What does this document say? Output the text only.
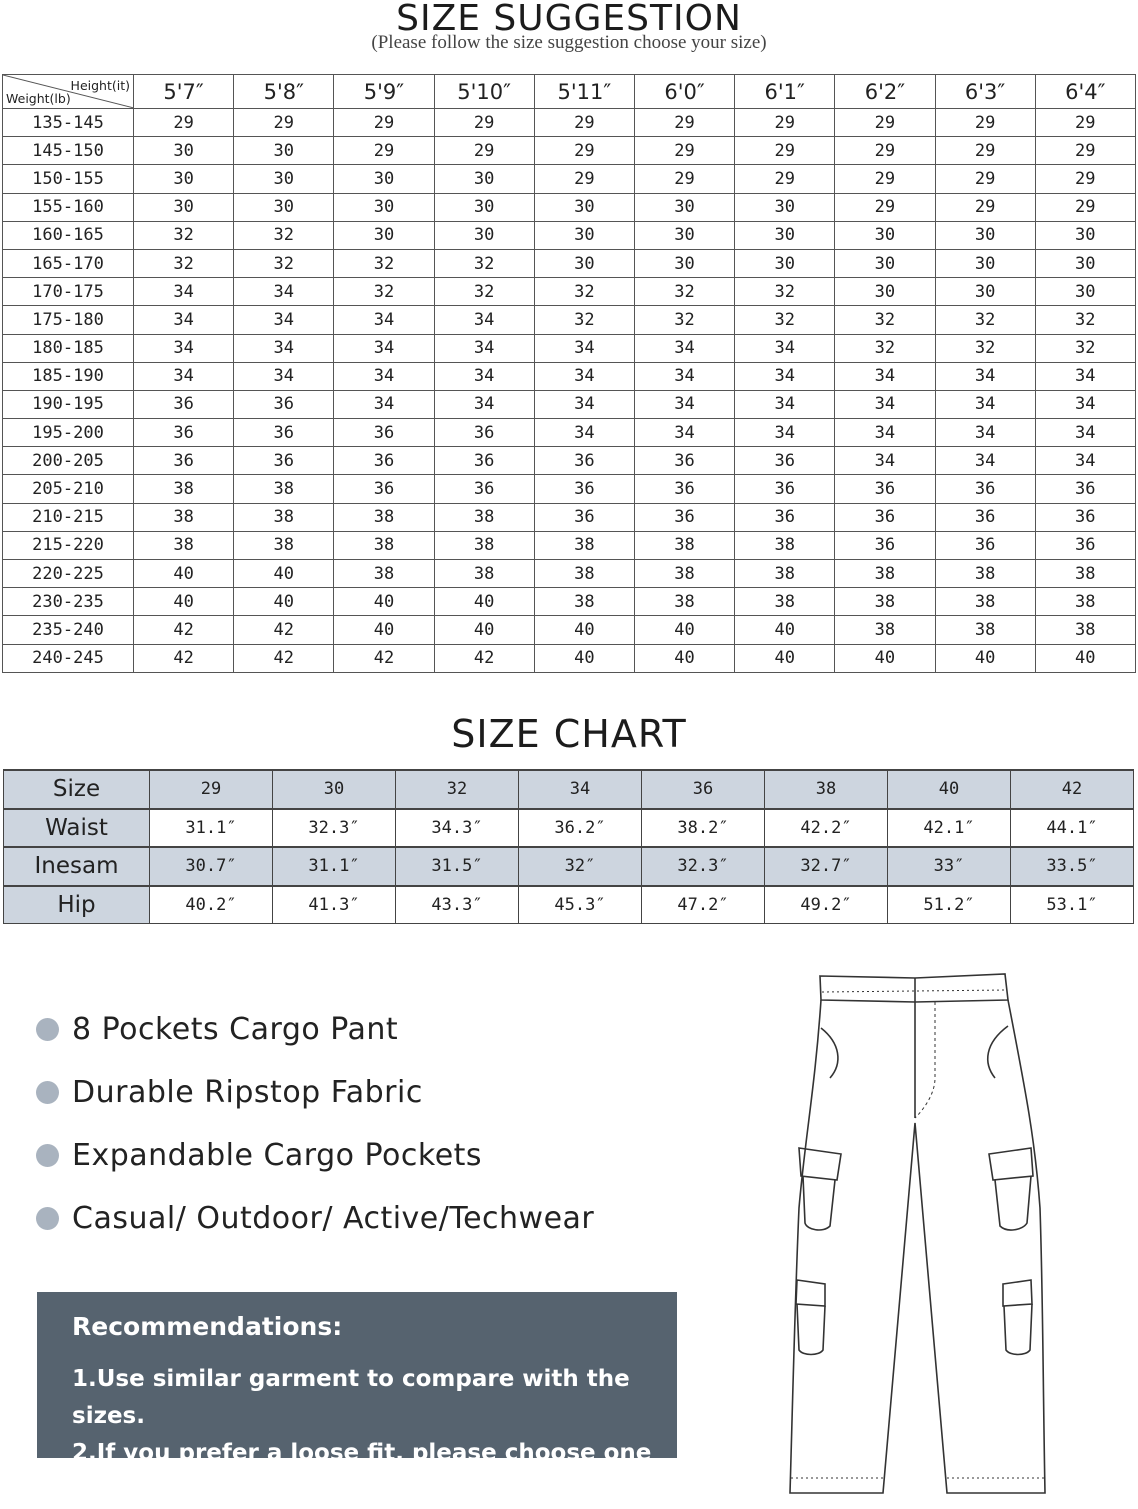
SIZE SUGGESTION
(Please follow the size suggestion choose your size)
Height(it)
Weight(lb)	5'7″	5'8″	5'9″	5'10″	5'11″	6'0″	6'1″	6'2″	6'3″	6'4″
135-145	29	29	29	29	29	29	29	29	29	29
145-150	30	30	29	29	29	29	29	29	29	29
150-155	30	30	30	30	29	29	29	29	29	29
155-160	30	30	30	30	30	30	30	29	29	29
160-165	32	32	30	30	30	30	30	30	30	30
165-170	32	32	32	32	30	30	30	30	30	30
170-175	34	34	32	32	32	32	32	30	30	30
175-180	34	34	34	34	32	32	32	32	32	32
180-185	34	34	34	34	34	34	34	32	32	32
185-190	34	34	34	34	34	34	34	34	34	34
190-195	36	36	34	34	34	34	34	34	34	34
195-200	36	36	36	36	34	34	34	34	34	34
200-205	36	36	36	36	36	36	36	34	34	34
205-210	38	38	36	36	36	36	36	36	36	36
210-215	38	38	38	38	36	36	36	36	36	36
215-220	38	38	38	38	38	38	38	36	36	36
220-225	40	40	38	38	38	38	38	38	38	38
230-235	40	40	40	40	38	38	38	38	38	38
235-240	42	42	40	40	40	40	40	38	38	38
240-245	42	42	42	42	40	40	40	40	40	40
SIZE CHART
Size	29	30	32	34	36	38	40	42
Waist	31.1″	32.3″	34.3″	36.2″	38.2″	42.2″	42.1″	44.1″
Inesam	30.7″	31.1″	31.5″	32″	32.3″	32.7″	33″	33.5″
Hip	40.2″	41.3″	43.3″	45.3″	47.2″	49.2″	51.2″	53.1″
8 Pockets Cargo Pant
Durable Ripstop Fabric
Expandable Cargo Pockets
Casual/ Outdoor/ Active/Techwear
Recommendations:
1.Use similar garment to compare with the sizes.
2.If you prefer a loose fit, please choose one size up.
